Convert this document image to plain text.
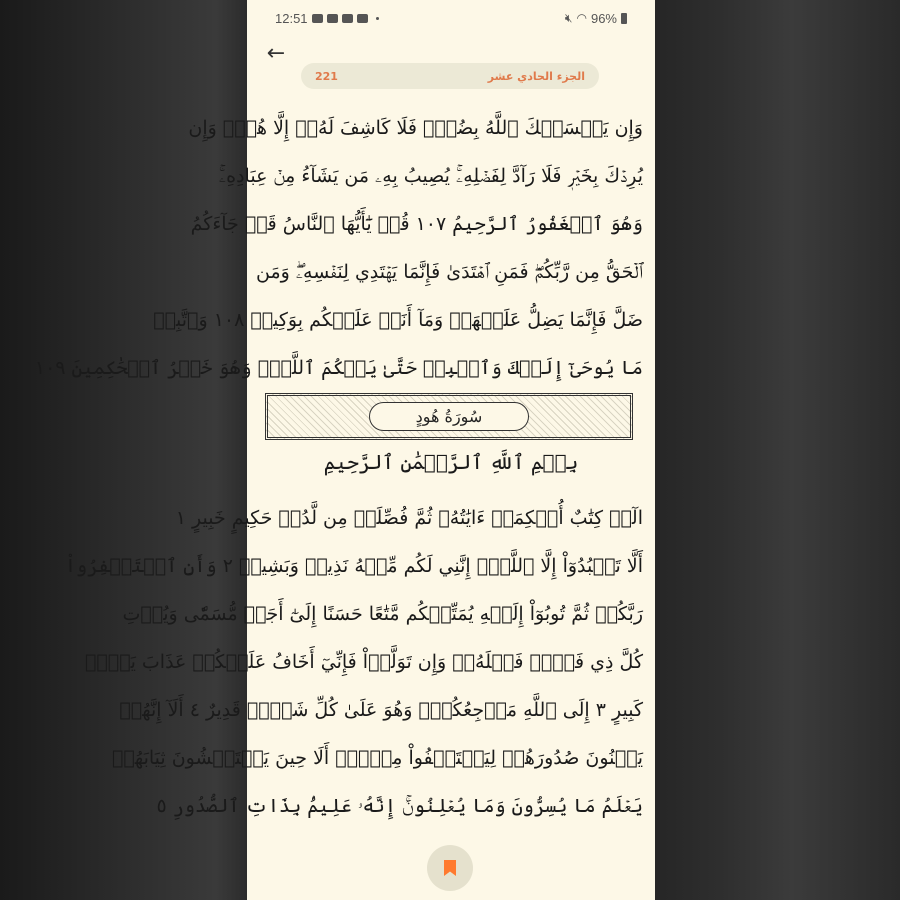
12:51	🔇︎ ◠ 96%
←
221	الجزء الحادي عشر
وَإِن يَمۡسَسۡكَ ٱللَّهُ بِضُرّٖ فَلَا كَاشِفَ لَهُۥٓ إِلَّا هُوَۖ وَإِن
يُرِدۡكَ بِخَيۡرٖ فَلَا رَآدَّ لِفَضۡلِهِۦۚ يُصِيبُ بِهِۦ مَن يَشَآءُ مِنۡ عِبَادِهِۦۚ
وَهُوَ ٱلۡغَفُورُ ٱلرَّحِيمُ ١٠٧ قُلۡ يَٰٓأَيُّهَا ٱلنَّاسُ قَدۡ جَآءَكُمُ
ٱلۡحَقُّ مِن رَّبِّكُمۡۖ فَمَنِ ٱهۡتَدَىٰ فَإِنَّمَا يَهۡتَدِي لِنَفۡسِهِۦۖ وَمَن
ضَلَّ فَإِنَّمَا يَضِلُّ عَلَيۡهَاۖ وَمَآ أَنَا۠ عَلَيۡكُم بِوَكِيلٖ ١٠٨ وَٱتَّبِعۡ
مَا يُوحَىٰٓ إِلَيۡكَ وَٱصۡبِرۡ حَتَّىٰ يَحۡكُمَ ٱللَّهُۚ وَهُوَ خَيۡرُ ٱلۡحَٰكِمِينَ ١٠٩
سُورَةُ هُودٍ
بِسۡمِ ٱللَّهِ ٱلرَّحۡمَٰنِ ٱلرَّحِيمِ
الٓرۚ كِتَٰبٌ أُحۡكِمَتۡ ءَايَٰتُهُۥ ثُمَّ فُصِّلَتۡ مِن لَّدُنۡ حَكِيمٍ خَبِيرٍ ١
أَلَّا تَعۡبُدُوٓاْ إِلَّا ٱللَّهَۚ إِنَّنِي لَكُم مِّنۡهُ نَذِيرٞ وَبَشِيرٞ ٢ وَأَنِ ٱسۡتَغۡفِرُواْ
رَبَّكُمۡ ثُمَّ تُوبُوٓاْ إِلَيۡهِ يُمَتِّعۡكُم مَّتَٰعًا حَسَنًا إِلَىٰٓ أَجَلٖ مُّسَمّٗى وَيُؤۡتِ
كُلَّ ذِي فَضۡلٖ فَضۡلَهُۥۖ وَإِن تَوَلَّوۡاْ فَإِنِّيٓ أَخَافُ عَلَيۡكُمۡ عَذَابَ يَوۡمٖ
كَبِيرٍ ٣ إِلَى ٱللَّهِ مَرۡجِعُكُمۡۖ وَهُوَ عَلَىٰ كُلِّ شَيۡءٖ قَدِيرٌ ٤ أَلَآ إِنَّهُمۡ
يَثۡنُونَ صُدُورَهُمۡ لِيَسۡتَخۡفُواْ مِنۡهُۚ أَلَا حِينَ يَسۡتَغۡشُونَ ثِيَابَهُمۡ
يَعۡلَمُ مَا يُسِرُّونَ وَمَا يُعۡلِنُونَۚ إِنَّهُۥ عَلِيمُۢ بِذَاتِ ٱلصُّدُورِ ٥
